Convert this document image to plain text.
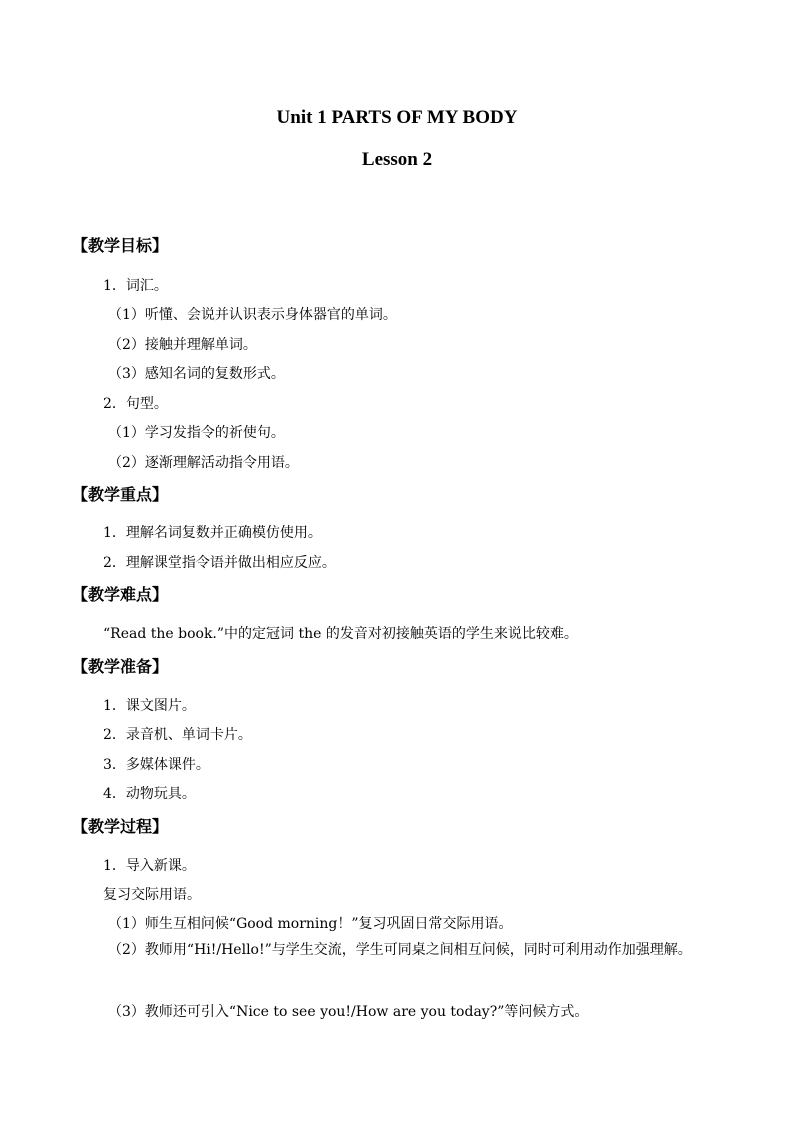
Unit 1 PARTS OF MY BODY
Lesson 2
【教学目标】
1．词汇。
（1）听懂、会说并认识表示身体器官的单词。
（2）接触并理解单词。
（3）感知名词的复数形式。
2．句型。
（1）学习发指令的祈使句。
（2）逐渐理解活动指令用语。
【教学重点】
1．理解名词复数并正确模仿使用。
2．理解课堂指令语并做出相应反应。
【教学难点】
“Read the book.”中的定冠词 the 的发音对初接触英语的学生来说比较难。
【教学准备】
1．课文图片。
2．录音机、单词卡片。
3．多媒体课件。
4．动物玩具。
【教学过程】
1．导入新课。
复习交际用语。
（1）师生互相问候“Good morning！”复习巩固日常交际用语。
（2）教师用“Hi!/Hello!”与学生交流，学生可同桌之间相互问候，同时可利用动作加强理解。
（3）教师还可引入“Nice to see you!/How are you today?”等问候方式。
